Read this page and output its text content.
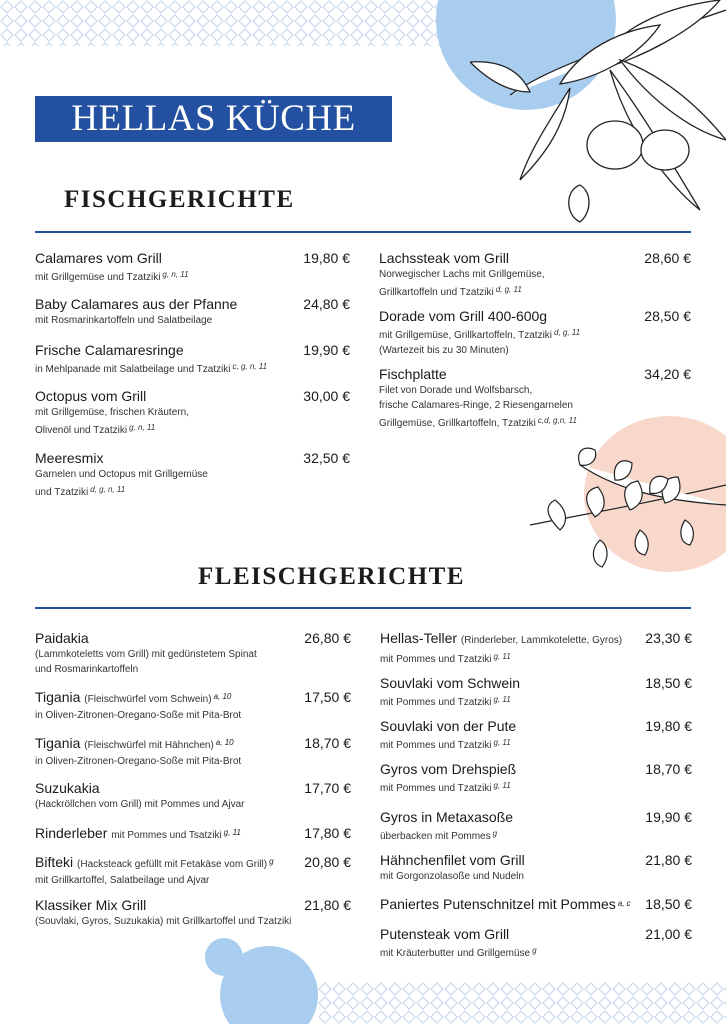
HELLAS KÜCHE
FISCHGERICHTE
Calamares vom Grill	19,80 €
mit Grillgemüse und Tzatziki $^{g, n, 11}$
Baby Calamares aus der Pfanne	24,80 €
mit Rosmarinkartoffeln und Salatbeilage
Frische Calamaresringe	19,90 €
in Mehlpanade mit Salatbeilage und Tzatziki $^{c, g, n, 11}$
Octopus vom Grill	30,00 €
mit Grillgemüse, frischen Kräutern,
Olivenöl und Tzatziki $^{g, n, 11}$
Meeresmix	32,50 €
Garnelen und Octopus mit Grillgemüse
und Tzatziki $^{d, g, n, 11}$
Lachssteak vom Grill	28,60 €
Norwegischer Lachs mit Grillgemüse,
Grillkartoffeln und Tzatziki $^{d, g, 11}$
Dorade vom Grill 400-600g	28,50 €
mit Grillgemüse, Grillkartoffeln, Tzatziki $^{d, g, 11}$
(Wartezeit bis zu 30 Minuten)
Fischplatte	34,20 €
Filet von Dorade und Wolfsbarsch,
frische Calamares-Ringe, 2 Riesengarnelen
Grillgemüse, Grillkartoffeln, Tzatziki $^{c,d, g,n, 11}$
FLEISCHGERICHTE
Paidakia	26,80 €
(Lammkoteletts vom Grill) mit gedünstetem Spinat
und Rosmarinkartoffeln
Tigania (Fleischwürfel vom Schwein) $^{a, 10}$	17,50 €
in Oliven-Zitronen-Oregano-Soße mit Pita-Brot
Tigania (Fleischwürfel mit Hähnchen) $^{a, 10}$	18,70 €
in Oliven-Zitronen-Oregano-Soße mit Pita-Brot
Suzukakia	17,70 €
(Hackröllchen vom Grill) mit Pommes und Ajvar
Rinderleber mit Pommes und Tsatziki $^{g, 11}$	17,80 €
Bifteki (Hacksteack gefüllt mit Fetakäse vom Grill) $^g$ 20,80 €
mit Grillkartoffel, Salatbeilage und Ajvar
Klassiker Mix Grill	21,80 €
(Souvlaki, Gyros, Suzukakia) mit Grillkartoffel und Tzatziki
Hellas-Teller (Rinderleber, Lammkotelette, Gyros) 23,30 €
mit Pommes und Tzatziki $^{g, 11}$
Souvlaki vom Schwein	18,50 €
mit Pommes und Tzatziki $^{g, 11}$
Souvlaki von der Pute	19,80 €
mit Pommes und Tzatziki $^{g, 11}$
Gyros vom Drehspieß	18,70 €
mit Pommes und Tzatziki $^{g, 11}$
Gyros in Metaxasoße	19,90 €
überbacken mit Pommes $^g$
Hähnchenfilet vom Grill	21,80 €
mit Gorgonzolasoße und Nudeln
Paniertes Putenschnitzel mit Pommes $^{a, c}$ 18,50 €
Putensteak vom Grill	21,00 €
mit Kräuterbutter und Grillgemüse $^g$
